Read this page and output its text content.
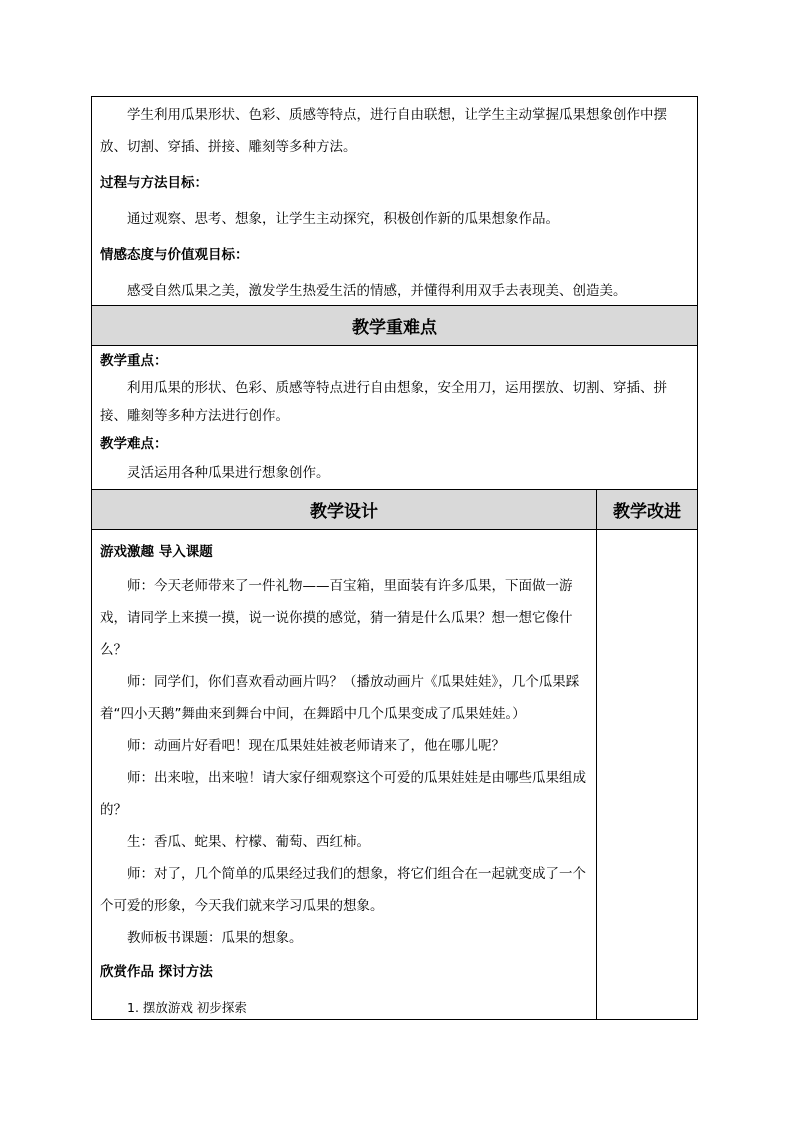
学生利用瓜果形状、色彩、质感等特点，进行自由联想，让学生主动掌握瓜果想象创作中摆放、切割、穿插、拼接、雕刻等多种方法。

过程与方法目标：

通过观察、思考、想象，让学生主动探究，积极创作新的瓜果想象作品。

情感态度与价值观目标：

感受自然瓜果之美，激发学生热爱生活的情感，并懂得利用双手去表现美、创造美。

教学重难点

教学重点：

利用瓜果的形状、色彩、质感等特点进行自由想象，安全用刀，运用摆放、切割、穿插、拼接、雕刻等多种方法进行创作。

教学难点：

灵活运用各种瓜果进行想象创作。

教学设计	教学改进

游戏激趣 导入课题

师：今天老师带来了一件礼物——百宝箱，里面装有许多瓜果，下面做一游戏，请同学上来摸一摸，说一说你摸的感觉，猜一猜是什么瓜果？想一想它像什么？

师：同学们，你们喜欢看动画片吗？（播放动画片《瓜果娃娃》，几个瓜果踩着“四小天鹅”舞曲来到舞台中间，在舞蹈中几个瓜果变成了瓜果娃娃。）

师：动画片好看吧！现在瓜果娃娃被老师请来了，他在哪儿呢？

师：出来啦，出来啦！请大家仔细观察这个可爱的瓜果娃娃是由哪些瓜果组成的？

生：香瓜、蛇果、柠檬、葡萄、西红柿。

师：对了，几个简单的瓜果经过我们的想象，将它们组合在一起就变成了一个个可爱的形象，今天我们就来学习瓜果的想象。

教师板书课题：瓜果的想象。

欣赏作品 探讨方法

1. 摆放游戏 初步探索
